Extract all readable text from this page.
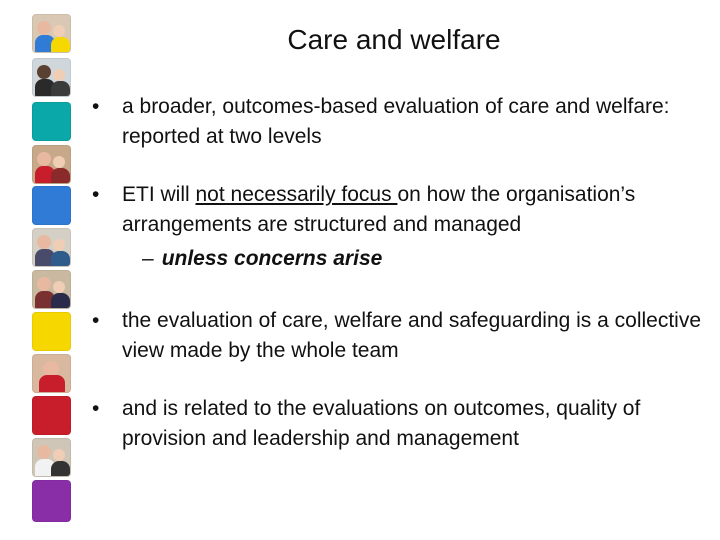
Care and welfare

•	a broader, outcomes-based evaluation of care and welfare: reported at two levels

•	ETI will not necessarily focus on how the organisation’s arrangements are structured and managed

– unless concerns arise

•	the evaluation of care, welfare and safeguarding is a collective view made by the whole team

•	and is related to the evaluations on outcomes, quality of provision and leadership and management
